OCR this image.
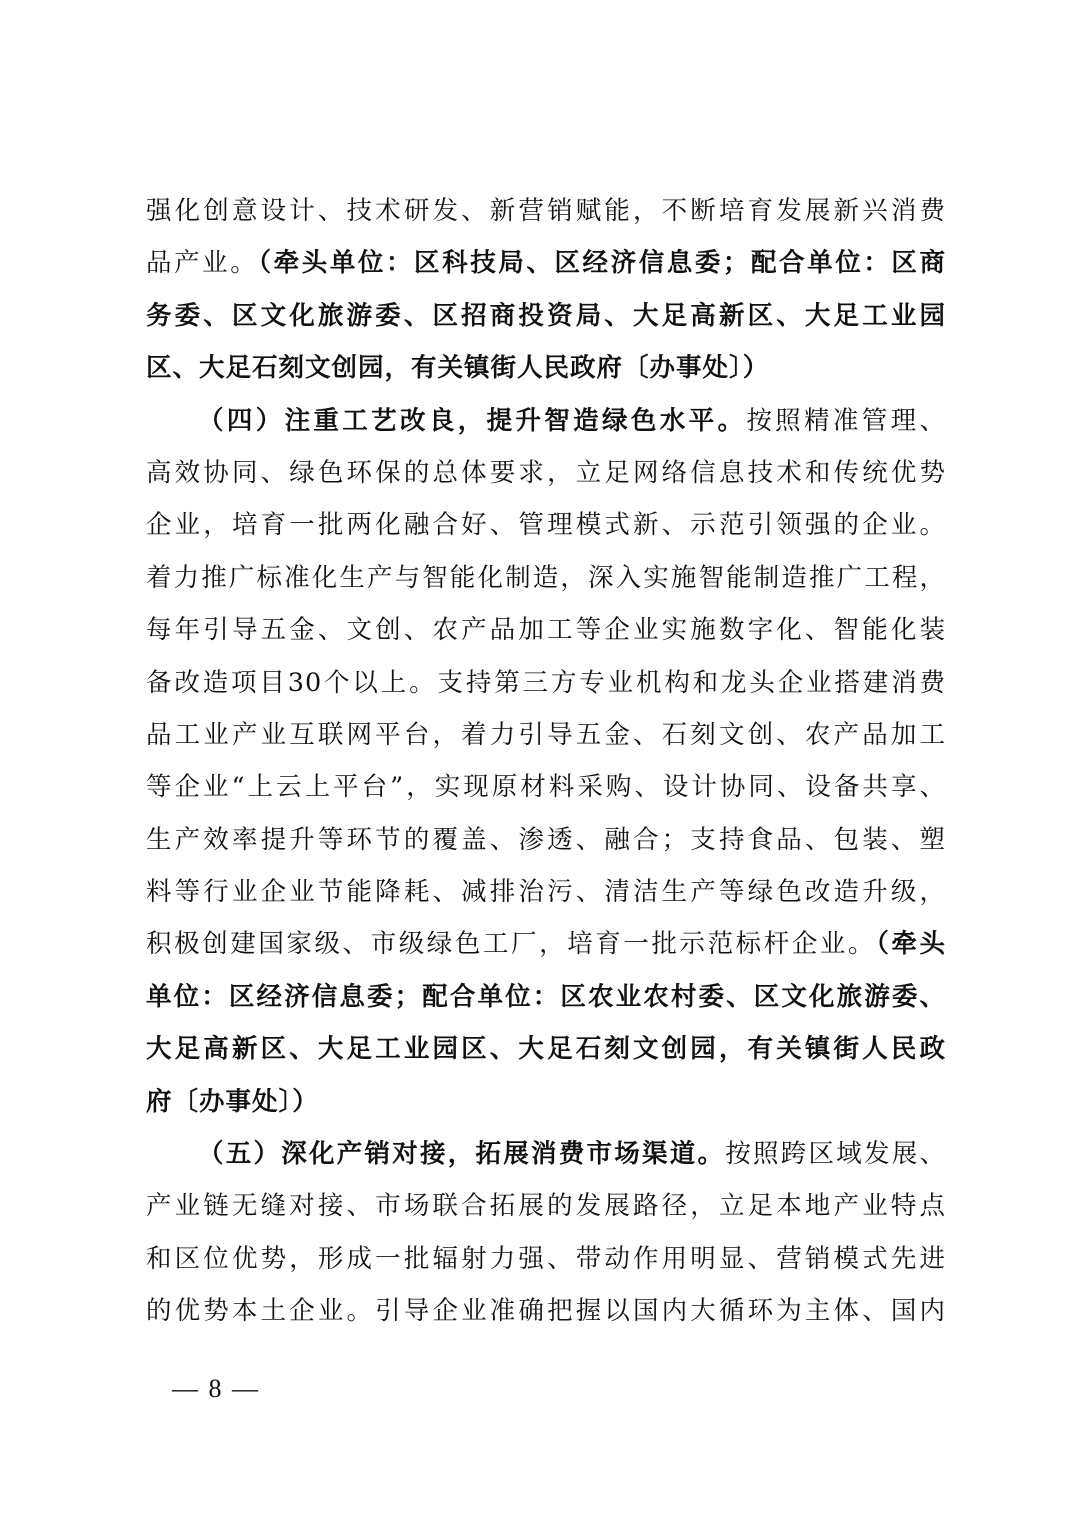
强化创意设计、技术研发、新营销赋能，不断培育发展新兴消费
品产业。（牵头单位：区科技局、区经济信息委；配合单位：区商
务委、区文化旅游委、区招商投资局、大足高新区、大足工业园
区、大足石刻文创园，有关镇街人民政府〔办事处〕）
（四）注重工艺改良，提升智造绿色水平。按照精准管理、
高效协同、绿色环保的总体要求，立足网络信息技术和传统优势
企业，培育一批两化融合好、管理模式新、示范引领强的企业。
着力推广标准化生产与智能化制造，深入实施智能制造推广工程，
每年引导五金、文创、农产品加工等企业实施数字化、智能化装
备改造项目30个以上。支持第三方专业机构和龙头企业搭建消费
品工业产业互联网平台，着力引导五金、石刻文创、农产品加工
等企业“上云上平台”，实现原材料采购、设计协同、设备共享、
生产效率提升等环节的覆盖、渗透、融合；支持食品、包装、塑
料等行业企业节能降耗、减排治污、清洁生产等绿色改造升级，
积极创建国家级、市级绿色工厂，培育一批示范标杆企业。（牵头
单位：区经济信息委；配合单位：区农业农村委、区文化旅游委、
大足高新区、大足工业园区、大足石刻文创园，有关镇街人民政
府〔办事处〕）
（五）深化产销对接，拓展消费市场渠道。按照跨区域发展、
产业链无缝对接、市场联合拓展的发展路径，立足本地产业特点
和区位优势，形成一批辐射力强、带动作用明显、营销模式先进
的优势本土企业。引导企业准确把握以国内大循环为主体、国内
— 8 —
